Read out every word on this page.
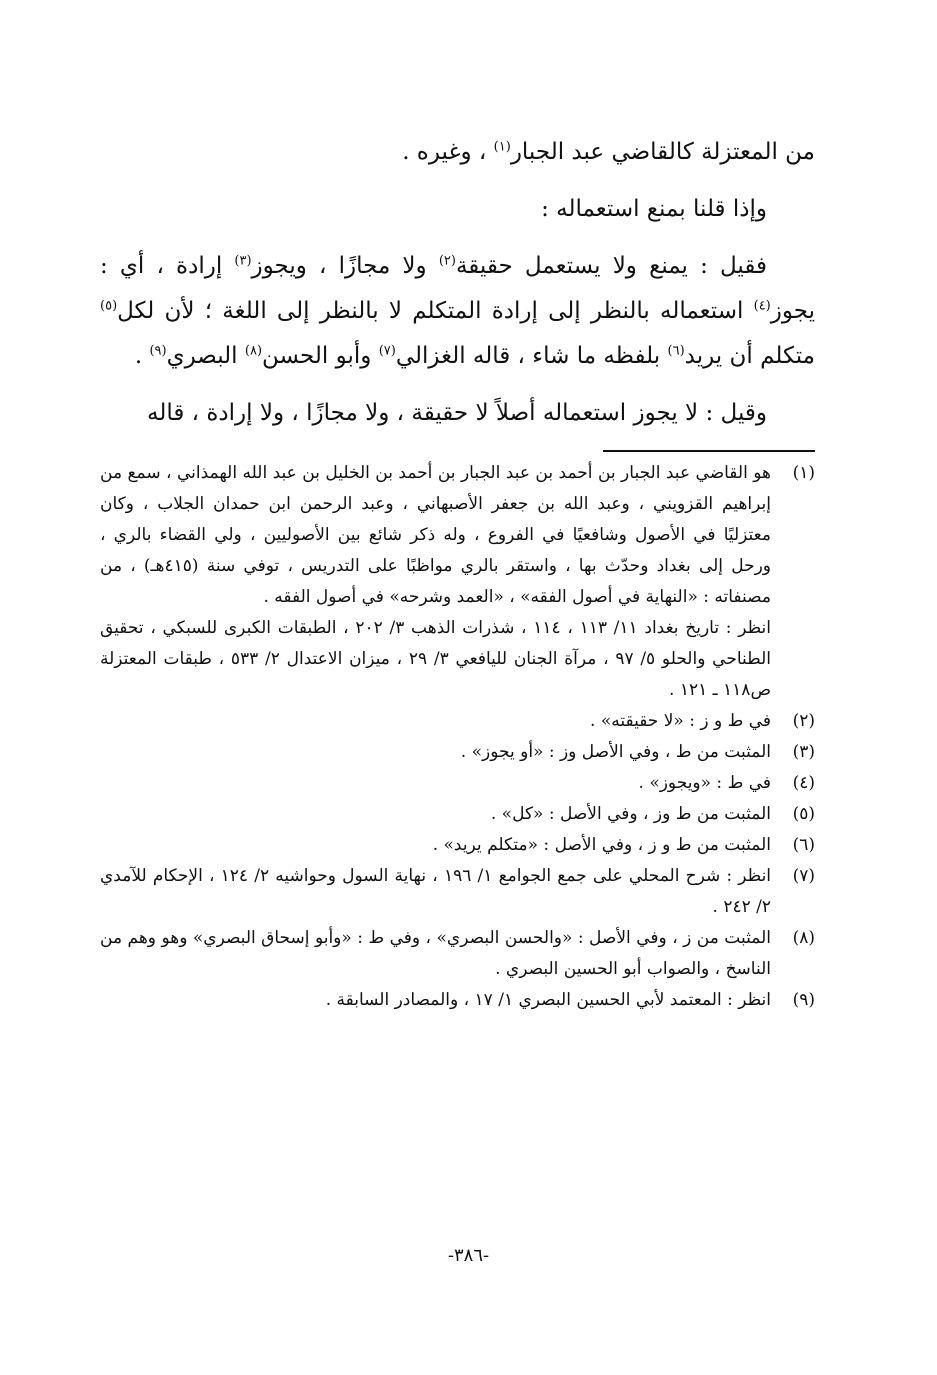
من المعتزلة كالقاضي عبد الجبار$^{(١)}$ ، وغيره .

وإذا قلنا بمنع استعماله :

فقيل : يمنع ولا يستعمل حقيقة$^{(٢)}$ ولا مجازًا ، ويجوز$^{(٣)}$ إرادة ، أي : يجوز$^{(٤)}$ استعماله بالنظر إلى إرادة المتكلم لا بالنظر إلى اللغة ؛ لأن لكل$^{(٥)}$ متكلم أن يريد$^{(٦)}$ بلفظه ما شاء ، قاله الغزالي$^{(٧)}$ وأبو الحسن$^{(٨)}$ البصري$^{(٩)}$ .

وقيل : لا يجوز استعماله أصلاً لا حقيقة ، ولا مجازًا ، ولا إرادة ، قاله

(١)

هو القاضي عبد الجبار بن أحمد بن عبد الجبار بن أحمد بن الخليل بن عبد الله الهمذاني ، سمع من إبراهيم القزويني ، وعبد الله بن جعفر الأصبهاني ، وعبد الرحمن ابن حمدان الجلاب ، وكان معتزليًا في الأصول وشافعيًا في الفروع ، وله ذكر شائع بين الأصوليين ، ولي القضاء بالري ، ورحل إلى بغداد وحدّث بها ، واستقر بالري مواظبًا على التدريس ، توفي سنة (٤١٥هـ) ، من مصنفاته : «النهاية في أصول الفقه» ، «العمد وشرحه» في أصول الفقه .

انظر : تاريخ بغداد ١١/ ١١٣ ، ١١٤ ، شذرات الذهب ٣/ ٢٠٢ ، الطبقات الكبرى للسبكي ، تحقيق الطناحي والحلو ٥/ ٩٧ ، مرآة الجنان لليافعي ٣/ ٢٩ ، ميزان الاعتدال ٢/ ٥٣٣ ، طبقات المعتزلة ص١١٨ ـ ١٢١ .

(٢)

في ط و ز : «لا حقيقته» .

(٣)

المثبت من ط ، وفي الأصل وز : «أو يجوز» .

(٤)

في ط : «ويجوز» .

(٥)

المثبت من ط وز ، وفي الأصل : «كل» .

(٦)

المثبت من ط و ز ، وفي الأصل : «متكلم يريد» .

(٧)

انظر : شرح المحلي على جمع الجوامع ١/ ١٩٦ ، نهاية السول وحواشيه ٢/ ١٢٤ ، الإحكام للآمدي ٢/ ٢٤٢ .

(٨)

المثبت من ز ، وفي الأصل : «والحسن البصري» ، وفي ط : «وأبو إسحاق البصري» وهو وهم من الناسخ ، والصواب أبو الحسين البصري .

(٩)

انظر : المعتمد لأبي الحسين البصري ١/ ١٧ ، والمصادر السابقة .

-٣٨٦-
